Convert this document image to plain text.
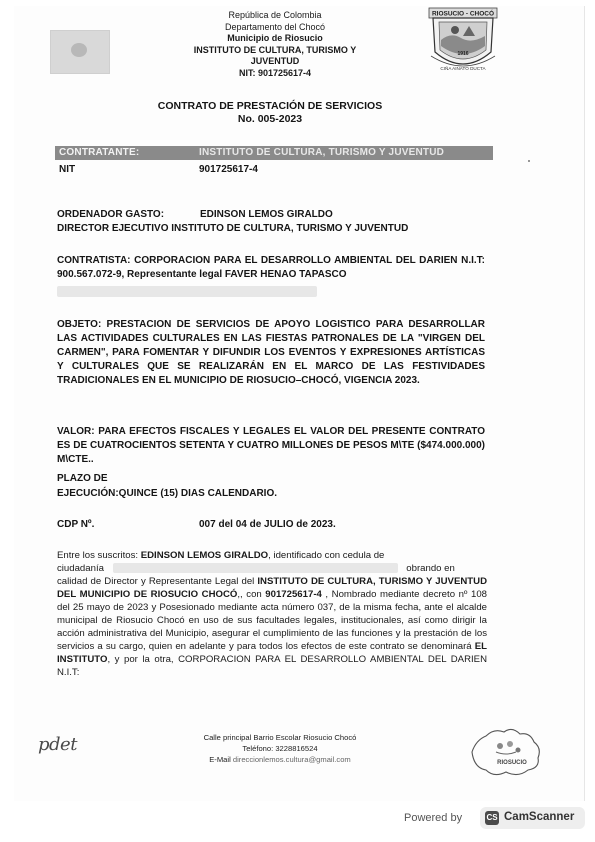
República de Colombia
Departamento del Chocó
Municipio de Riosucio
INSTITUTO DE CULTURA, TURISMO Y
JUVENTUD
NIT: 901725617-4
RIOSUCIO - CHOCÓ
1916
CIÑA AINATO DUCTA
CONTRATO DE PRESTACIÓN DE SERVICIOS
No. 005-2023
CONTRATANTE:	INSTITUTO DE CULTURA, TURISMO Y JUVENTUD
NIT	901725617-4
ORDENADOR GASTO:	EDINSON LEMOS GIRALDO
DIRECTOR EJECUTIVO INSTITUTO DE CULTURA, TURISMO Y JUVENTUD
CONTRATISTA: CORPORACION PARA EL DESARROLLO AMBIENTAL DEL DARIEN N.I.T: 900.567.072-9, Representante legal FAVER HENAO TAPASCO
OBJETO: PRESTACION DE SERVICIOS DE APOYO LOGISTICO PARA DESARROLLAR LAS ACTIVIDADES CULTURALES EN LAS FIESTAS PATRONALES DE LA "VIRGEN DEL CARMEN", PARA FOMENTAR Y DIFUNDIR LOS EVENTOS Y EXPRESIONES ARTÍSTICAS Y CULTURALES QUE SE REALIZARÁN EN EL MARCO DE LAS FESTIVIDADES TRADICIONALES EN EL MUNICIPIO DE RIOSUCIO–CHOCÓ, VIGENCIA 2023.
VALOR: PARA EFECTOS FISCALES Y LEGALES EL VALOR DEL PRESENTE CONTRATO ES DE CUATROCIENTOS SETENTA Y CUATRO MILLONES DE PESOS M\TE ($474.000.000) M\CTE..
PLAZO DE
EJECUCIÓN:QUINCE (15) DIAS CALENDARIO.
CDP Nº.	007 del 04 de JULIO de 2023.
Entre los suscritos: EDINSON LEMOS GIRALDO, identificado con cedula de
ciudadanía	obrando en
calidad de Director y Representante Legal del INSTITUTO DE CULTURA, TURISMO Y JUVENTUD DEL MUNICIPIO DE RIOSUCIO CHOCÓ,, con 901725617-4 , Nombrado mediante decreto nº 108 del 25 mayo de 2023 y Posesionado mediante acta número 037, de la misma fecha, ante el alcalde municipal de Riosucio Chocó en uso de sus facultades legales, institucionales, así como dirigir la acción administrativa del Municipio, asegurar el cumplimiento de las funciones y la prestación de los servicios a su cargo, quien en adelante y para todos los efectos de este contrato se denominará EL INSTITUTO, y por la otra, CORPORACION PARA EL DESARROLLO AMBIENTAL DEL DARIEN N.I.T:
pdet	Calle principal Barrio Escolar Riosucio Chocó
Teléfono: 3228816524
E-Mail direccionlemos.cultura@gmail.com	RIOSUCIO
Powered by	CS CamScanner
